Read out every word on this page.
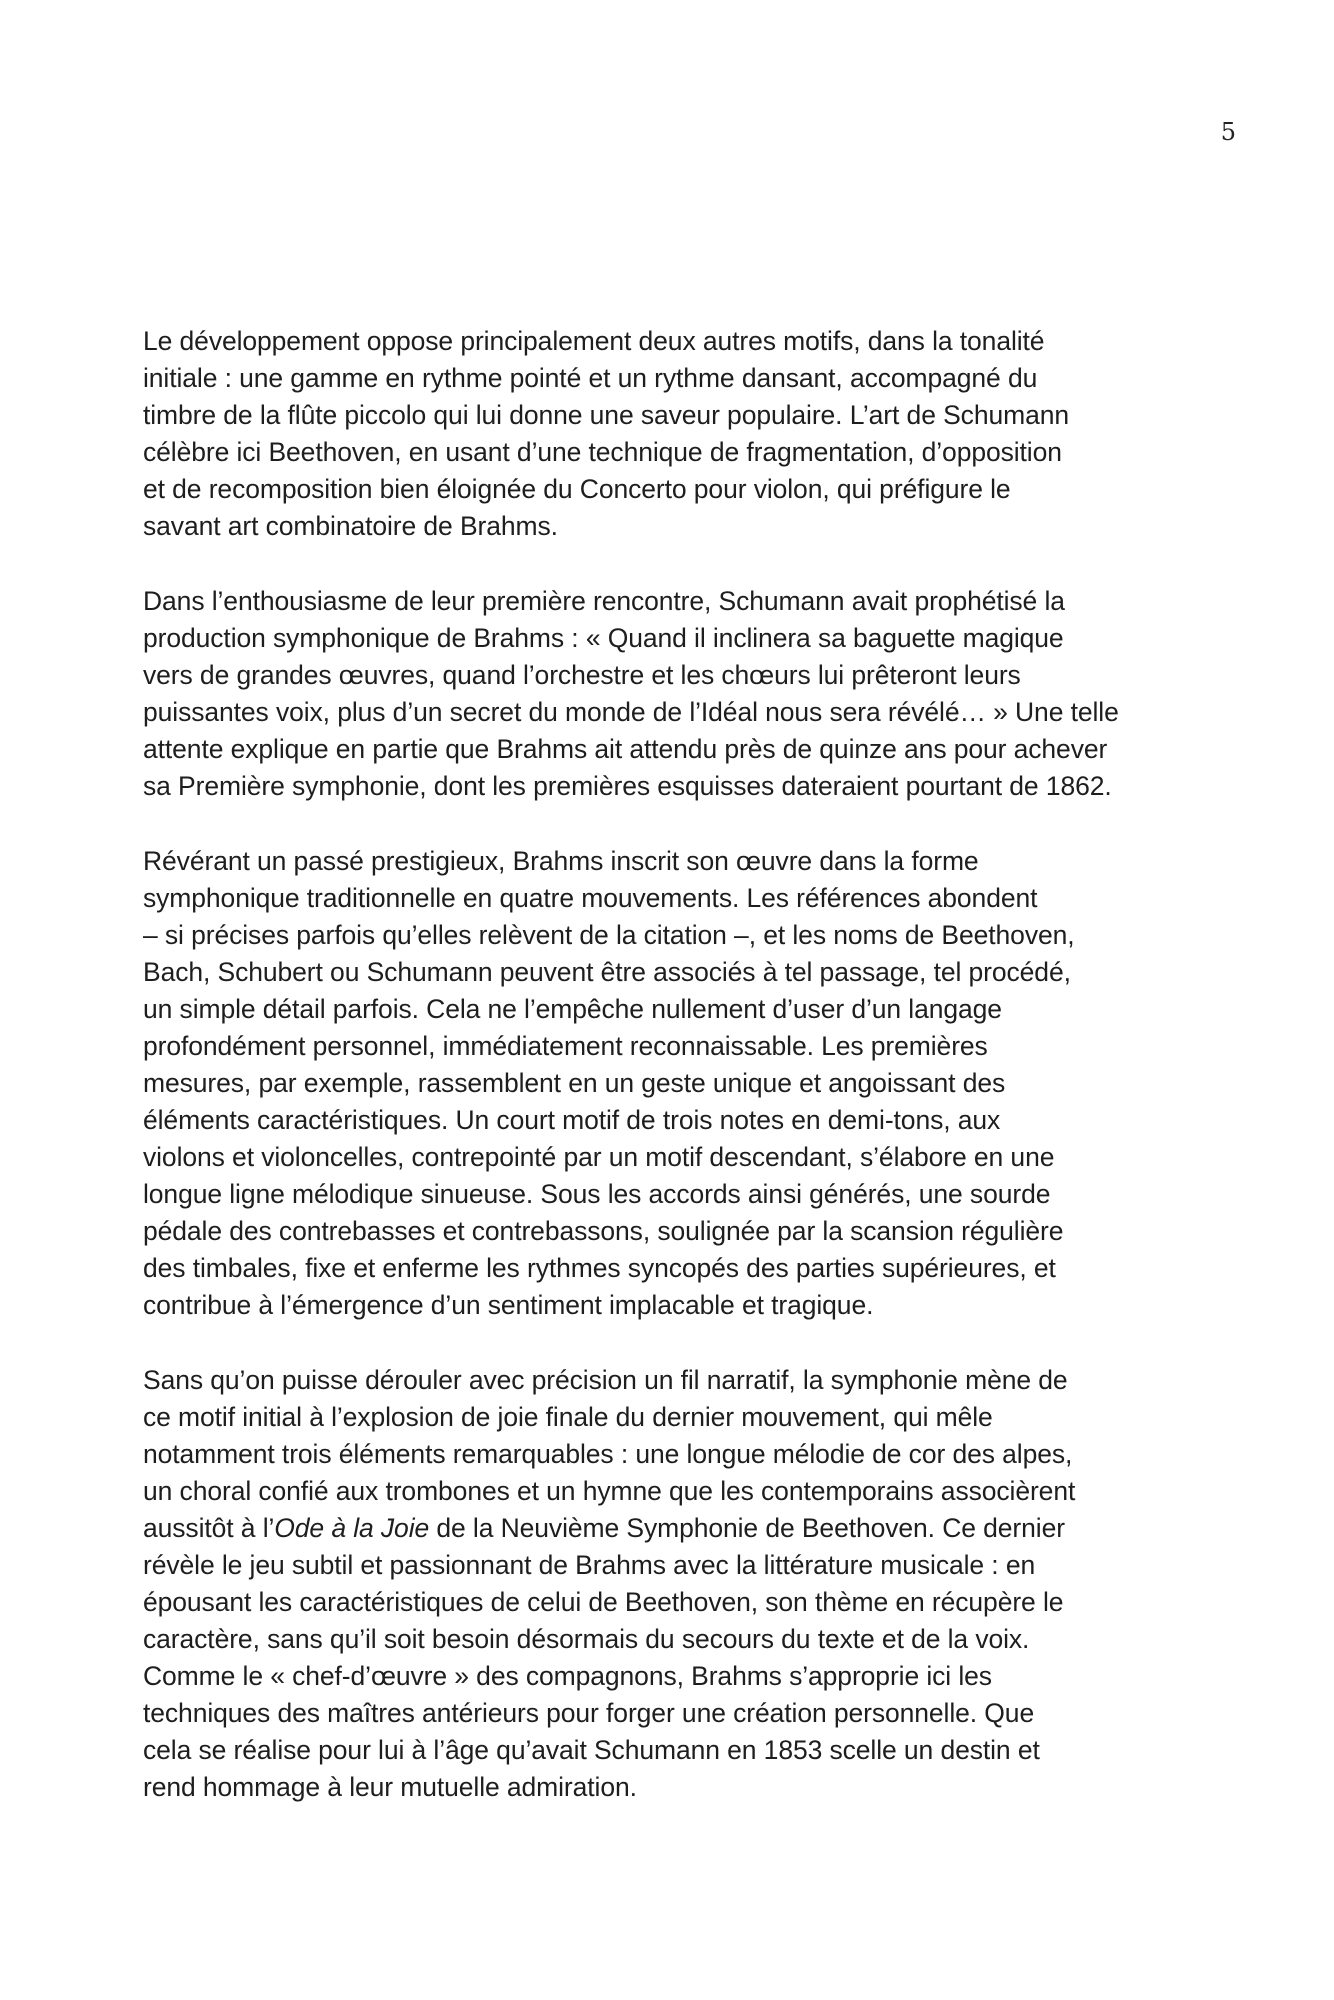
5

Le développement oppose principalement deux autres motifs, dans la tonalité
initiale : une gamme en rythme pointé et un rythme dansant, accompagné du
timbre de la flûte piccolo qui lui donne une saveur populaire. L’art de Schumann
célèbre ici Beethoven, en usant d’une technique de fragmentation, d’opposition
et de recomposition bien éloignée du Concerto pour violon, qui préfigure le
savant art combinatoire de Brahms.

Dans l’enthousiasme de leur première rencontre, Schumann avait prophétisé la
production symphonique de Brahms : « Quand il inclinera sa baguette magique
vers de grandes œuvres, quand l’orchestre et les chœurs lui prêteront leurs
puissantes voix, plus d’un secret du monde de l’Idéal nous sera révélé… » Une telle
attente explique en partie que Brahms ait attendu près de quinze ans pour achever
sa Première symphonie, dont les premières esquisses dateraient pourtant de 1862.

Révérant un passé prestigieux, Brahms inscrit son œuvre dans la forme
symphonique traditionnelle en quatre mouvements. Les références abondent
– si précises parfois qu’elles relèvent de la citation –, et les noms de Beethoven,
Bach, Schubert ou Schumann peuvent être associés à tel passage, tel procédé,
un simple détail parfois. Cela ne l’empêche nullement d’user d’un langage
profondément personnel, immédiatement reconnaissable. Les premières
mesures, par exemple, rassemblent en un geste unique et angoissant des
éléments caractéristiques. Un court motif de trois notes en demi-tons, aux
violons et violoncelles, contrepointé par un motif descendant, s’élabore en une
longue ligne mélodique sinueuse. Sous les accords ainsi générés, une sourde
pédale des contrebasses et contrebassons, soulignée par la scansion régulière
des timbales, fixe et enferme les rythmes syncopés des parties supérieures, et
contribue à l’émergence d’un sentiment implacable et tragique.

Sans qu’on puisse dérouler avec précision un fil narratif, la symphonie mène de
ce motif initial à l’explosion de joie finale du dernier mouvement, qui mêle
notamment trois éléments remarquables : une longue mélodie de cor des alpes,
un choral confié aux trombones et un hymne que les contemporains associèrent
aussitôt à l’Ode à la Joie de la Neuvième Symphonie de Beethoven. Ce dernier
révèle le jeu subtil et passionnant de Brahms avec la littérature musicale : en
épousant les caractéristiques de celui de Beethoven, son thème en récupère le
caractère, sans qu’il soit besoin désormais du secours du texte et de la voix.
Comme le « chef-d’œuvre » des compagnons, Brahms s’approprie ici les
techniques des maîtres antérieurs pour forger une création personnelle. Que
cela se réalise pour lui à l’âge qu’avait Schumann en 1853 scelle un destin et
rend hommage à leur mutuelle admiration.
